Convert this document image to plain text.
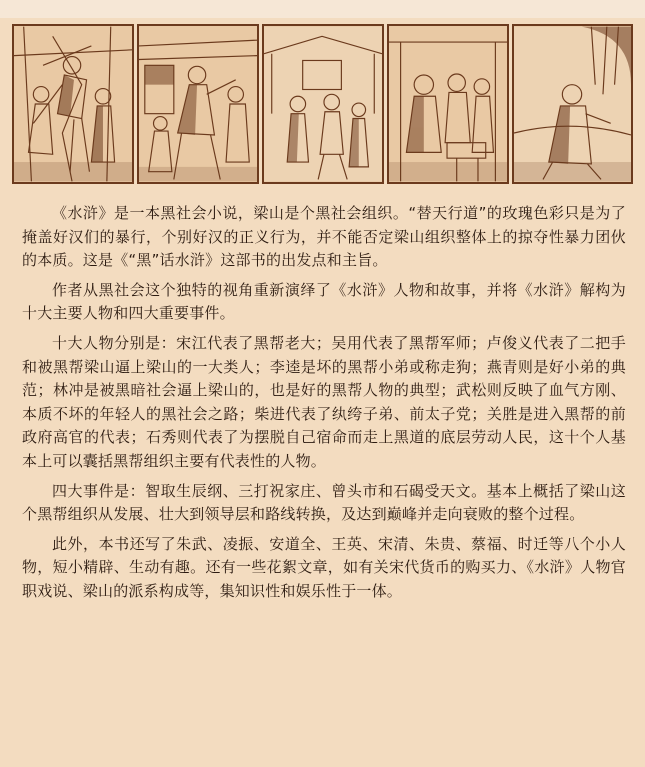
《水浒》是一本黑社会小说，梁山是个黑社会组织。“替天行道”的玫瑰色彩只是为了掩盖好汉们的暴行，个别好汉的正义行为，并不能否定梁山组织整体上的掠夺性暴力团伙的本质。这是《“黑”话水浒》这部书的出发点和主旨。

作者从黑社会这个独特的视角重新演绎了《水浒》人物和故事，并将《水浒》解构为十大主要人物和四大重要事件。

十大人物分别是：宋江代表了黑帮老大；吴用代表了黑帮军师；卢俊义代表了二把手和被黑帮梁山逼上梁山的一大类人；李逵是坏的黑帮小弟或称走狗；燕青则是好小弟的典范；林冲是被黑暗社会逼上梁山的，也是好的黑帮人物的典型；武松则反映了血气方刚、本质不坏的年轻人的黑社会之路；柴进代表了纨绔子弟、前太子党；关胜是进入黑帮的前政府高官的代表；石秀则代表了为摆脱自己宿命而走上黑道的底层劳动人民，这十个人基本上可以囊括黑帮组织主要有代表性的人物。

四大事件是：智取生辰纲、三打祝家庄、曾头市和石碣受天文。基本上概括了梁山这个黑帮组织从发展、壮大到领导层和路线转换，及达到巅峰并走向衰败的整个过程。

此外，本书还写了朱武、凌振、安道全、王英、宋清、朱贵、蔡福、时迁等八个小人物，短小精辟、生动有趣。还有一些花絮文章，如有关宋代货币的购买力、《水浒》人物官职戏说、梁山的派系构成等，集知识性和娱乐性于一体。
